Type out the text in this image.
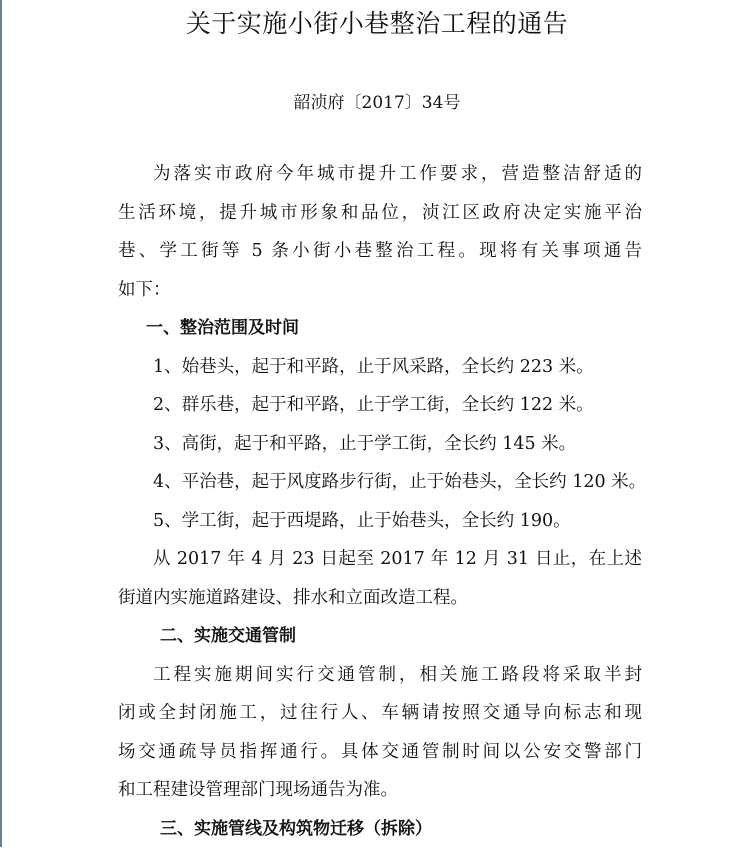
关于实施小街小巷整治工程的通告
韶浈府〔2017〕34号
为落实市政府今年城市提升工作要求，营造整洁舒适的
生活环境，提升城市形象和品位，浈江区政府决定实施平治
巷、学工街等 5 条小街小巷整治工程。现将有关事项通告
如下：
一、整治范围及时间
1、始巷头，起于和平路，止于风采路，全长约 223 米。
2、群乐巷，起于和平路，止于学工街，全长约 122 米。
3、高街，起于和平路，止于学工街，全长约 145 米。
4、平治巷，起于风度路步行街，止于始巷头，全长约 120 米。
5、学工街，起于西堤路，止于始巷头，全长约 190。
从 2017 年 4 月 23 日起至 2017 年 12 月 31 日止，在上述
街道内实施道路建设、排水和立面改造工程。
二、实施交通管制
工程实施期间实行交通管制，相关施工路段将采取半封
闭或全封闭施工，过往行人、车辆请按照交通导向标志和现
场交通疏导员指挥通行。具体交通管制时间以公安交警部门
和工程建设管理部门现场通告为准。
三、实施管线及构筑物迁移（拆除）
